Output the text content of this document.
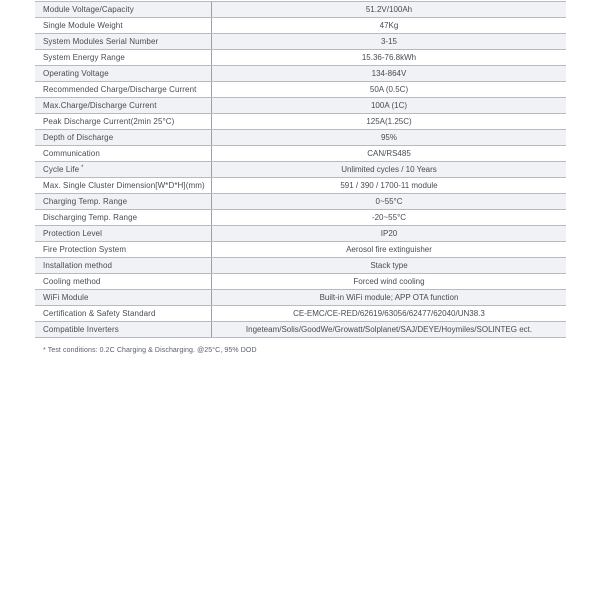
Module Voltage/Capacity	51.2V/100Ah
Single Module Weight	47Kg
System Modules Serial Number	3-15
System Energy Range	15.36-76.8kWh
Operating Voltage	134-864V
Recommended Charge/Discharge Current	50A (0.5C)
Max.Charge/Discharge Current	100A (1C)
Peak Discharge Current(2min 25°C)	125A(1.25C)
Depth of Discharge	95%
Communication	CAN/RS485
Cycle Life *	Unlimited cycles / 10 Years
Max. Single Cluster Dimension[W*D*H](mm)	591 / 390 / 1700-11 module
Charging Temp. Range	0~55°C
Discharging Temp. Range	-20~55°C
Protection Level	IP20
Fire Protection System	Aerosol fire extinguisher
Installation method	Stack type
Cooling method	Forced wind cooling
WiFi Module	Built-in WiFi module; APP OTA function
Certification & Safety Standard	CE-EMC/CE-RED/62619/63056/62477/62040/UN38.3
Compatible Inverters	Ingeteam/Solis/GoodWe/Growatt/Solplanet/SAJ/DEYE/Hoymiles/SOLINTEG ect.
* Test conditions: 0.2C Charging & Discharging. @25°C, 95% DOD
